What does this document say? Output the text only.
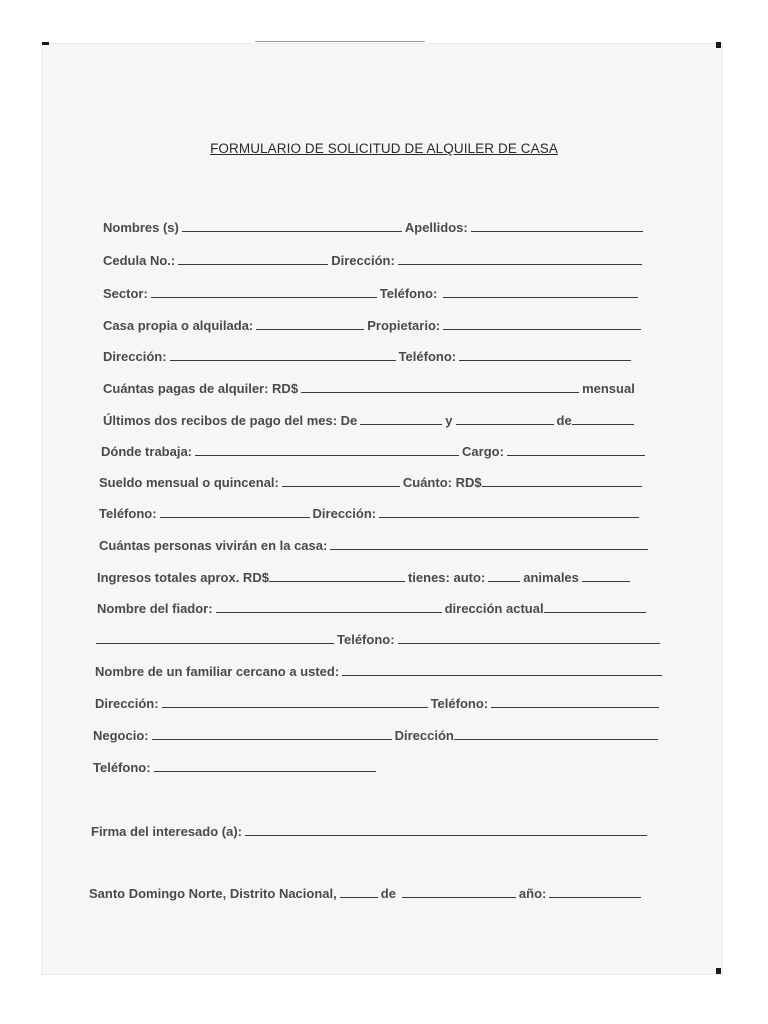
FORMULARIO DE SOLICITUD DE ALQUILER DE CASA
Nombres (s)	Apellidos:
Cedula No.:	Dirección:
Sector:	Teléfono:
Casa propia o alquilada:	Propietario:
Dirección:	Teléfono:
Cuántas pagas de alquiler: RD$	mensual
Últimos dos recibos de pago del mes: De	y	de
Dónde trabaja:	Cargo:
Sueldo mensual o quincenal:	Cuánto: RD$
Teléfono:	Dirección:
Cuántas personas vivirán en la casa:
Ingresos totales aprox. RD$	tienes: auto:	animales
Nombre del fiador:	dirección actual
Teléfono:
Nombre de un familiar cercano a usted:
Dirección:	Teléfono:
Negocio:	Dirección
Teléfono:
Firma del interesado (a):
Santo Domingo Norte, Distrito Nacional,	de	año:
